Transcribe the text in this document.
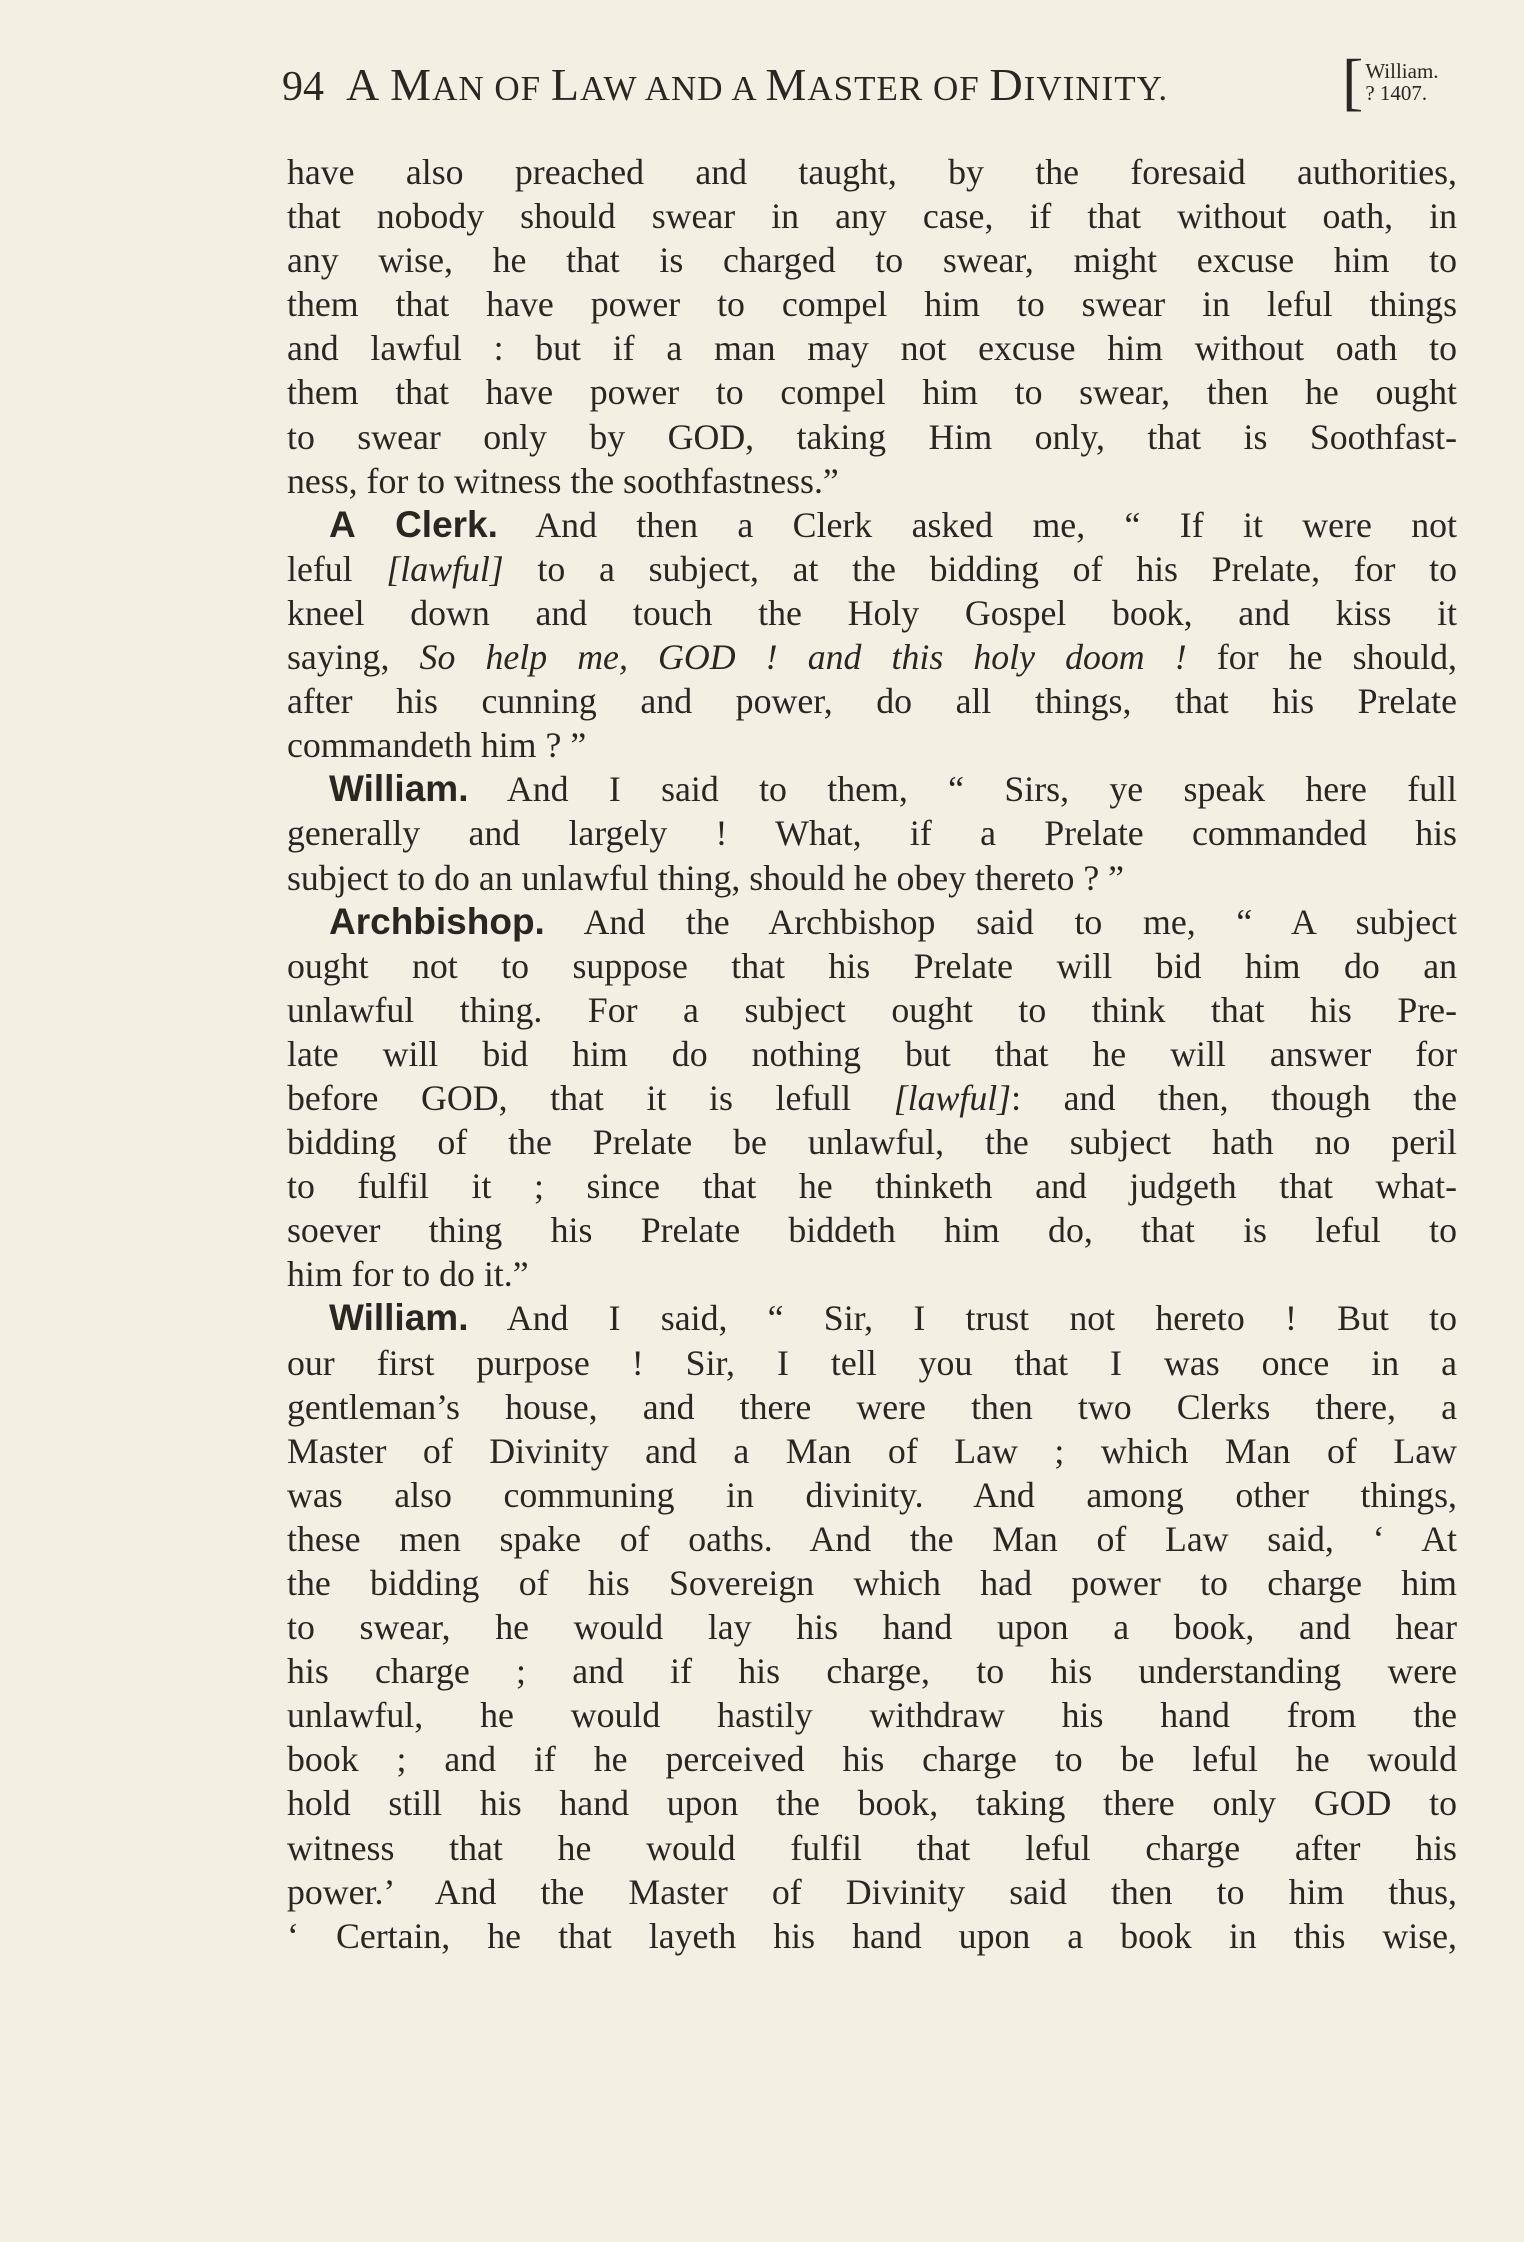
94 A MAN OF LAW AND A MASTER OF DIVINITY.	[ William.
? 1407.
have also preached and taught, by the foresaid authorities,
that nobody should swear in any case, if that without oath, in
any wise, he that is charged to swear, might excuse him to
them that have power to compel him to swear in leful things
and lawful : but if a man may not excuse him without oath to
them that have power to compel him to swear, then he ought
to swear only by GOD, taking Him only, that is Soothfast-
ness, for to witness the soothfastness.”
A Clerk. And then a Clerk asked me, “ If it were not
leful [lawful] to a subject, at the bidding of his Prelate, for to
kneel down and touch the Holy Gospel book, and kiss it
saying, So help me, GOD ! and this holy doom ! for he should,
after his cunning and power, do all things, that his Prelate
commandeth him ? ”
William. And I said to them, “ Sirs, ye speak here full
generally and largely ! What, if a Prelate commanded his
subject to do an unlawful thing, should he obey thereto ? ”
Archbishop. And the Archbishop said to me, “ A subject
ought not to suppose that his Prelate will bid him do an
unlawful thing. For a subject ought to think that his Pre-
late will bid him do nothing but that he will answer for
before GOD, that it is lefull [lawful]: and then, though the
bidding of the Prelate be unlawful, the subject hath no peril
to fulfil it ; since that he thinketh and judgeth that what-
soever thing his Prelate biddeth him do, that is leful to
him for to do it.”
William. And I said, “ Sir, I trust not hereto ! But to
our first purpose ! Sir, I tell you that I was once in a
gentleman’s house, and there were then two Clerks there, a
Master of Divinity and a Man of Law ; which Man of Law
was also communing in divinity. And among other things,
these men spake of oaths. And the Man of Law said, ‘ At
the bidding of his Sovereign which had power to charge him
to swear, he would lay his hand upon a book, and hear
his charge ; and if his charge, to his understanding were
unlawful, he would hastily withdraw his hand from the
book ; and if he perceived his charge to be leful he would
hold still his hand upon the book, taking there only GOD to
witness that he would fulfil that leful charge after his
power.’ And the Master of Divinity said then to him thus,
‘ Certain, he that layeth his hand upon a book in this wise,
